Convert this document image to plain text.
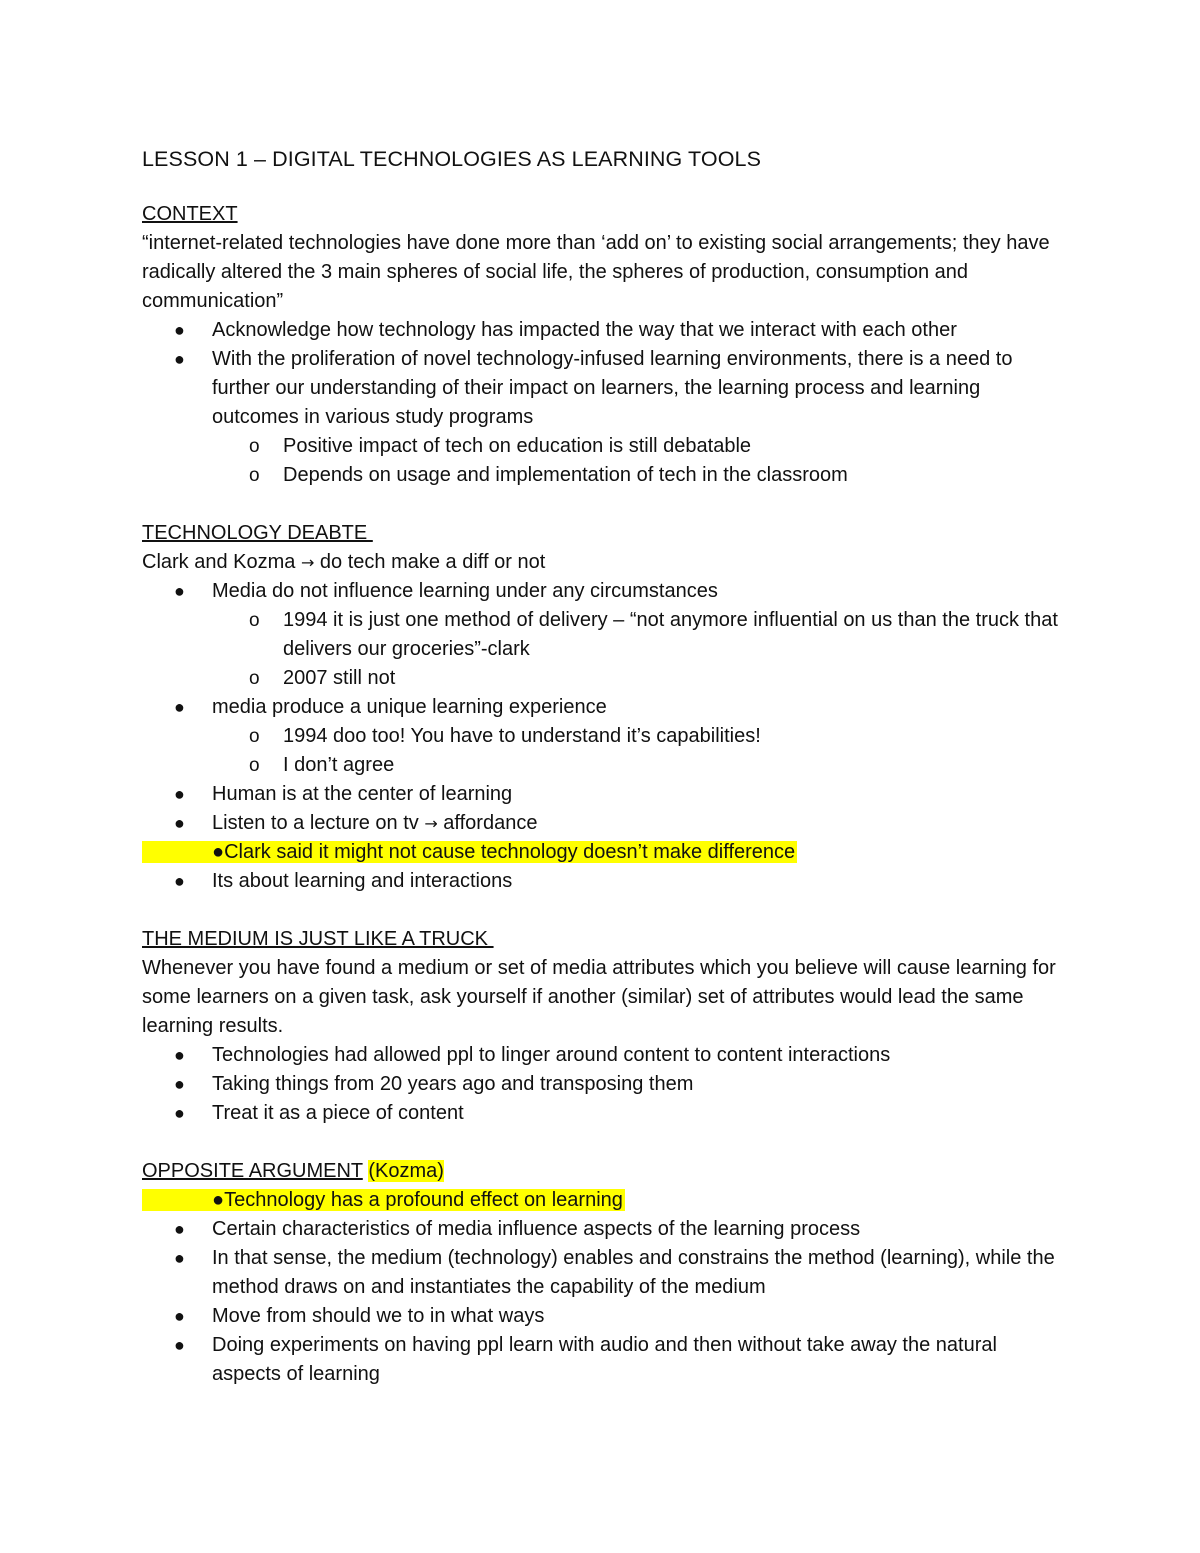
LESSON 1 – DIGITAL TECHNOLOGIES AS LEARNING TOOLS
CONTEXT
“internet-related technologies have done more than ‘add on’ to existing social arrangements; they have radically altered the 3 main spheres of social life, the spheres of production, consumption and communication”
● Acknowledge how technology has impacted the way that we interact with each other
● With the proliferation of novel technology-infused learning environments, there is a need to further our understanding of their impact on learners, the learning process and learning outcomes in various study programs
o Positive impact of tech on education is still debatable
o Depends on usage and implementation of tech in the classroom
TECHNOLOGY DEABTE
Clark and Kozma → do tech make a diff or not
● Media do not influence learning under any circumstances
o 1994 it is just one method of delivery – “not anymore influential on us than the truck that delivers our groceries”-clark
o 2007 still not
● media produce a unique learning experience
o 1994 doo too! You have to understand it’s capabilities!
o I don’t agree
● Human is at the center of learning
● Listen to a lecture on tv → affordance
●Clark said it might not cause technology doesn’t make difference
● Its about learning and interactions
THE MEDIUM IS JUST LIKE A TRUCK
Whenever you have found a medium or set of media attributes which you believe will cause learning for some learners on a given task, ask yourself if another (similar) set of attributes would lead the same learning results.
● Technologies had allowed ppl to linger around content to content interactions
● Taking things from 20 years ago and transposing them
● Treat it as a piece of content
OPPOSITE ARGUMENT (Kozma)
●Technology has a profound effect on learning
● Certain characteristics of media influence aspects of the learning process
● In that sense, the medium (technology) enables and constrains the method (learning), while the method draws on and instantiates the capability of the medium
● Move from should we to in what ways
● Doing experiments on having ppl learn with audio and then without take away the natural aspects of learning
